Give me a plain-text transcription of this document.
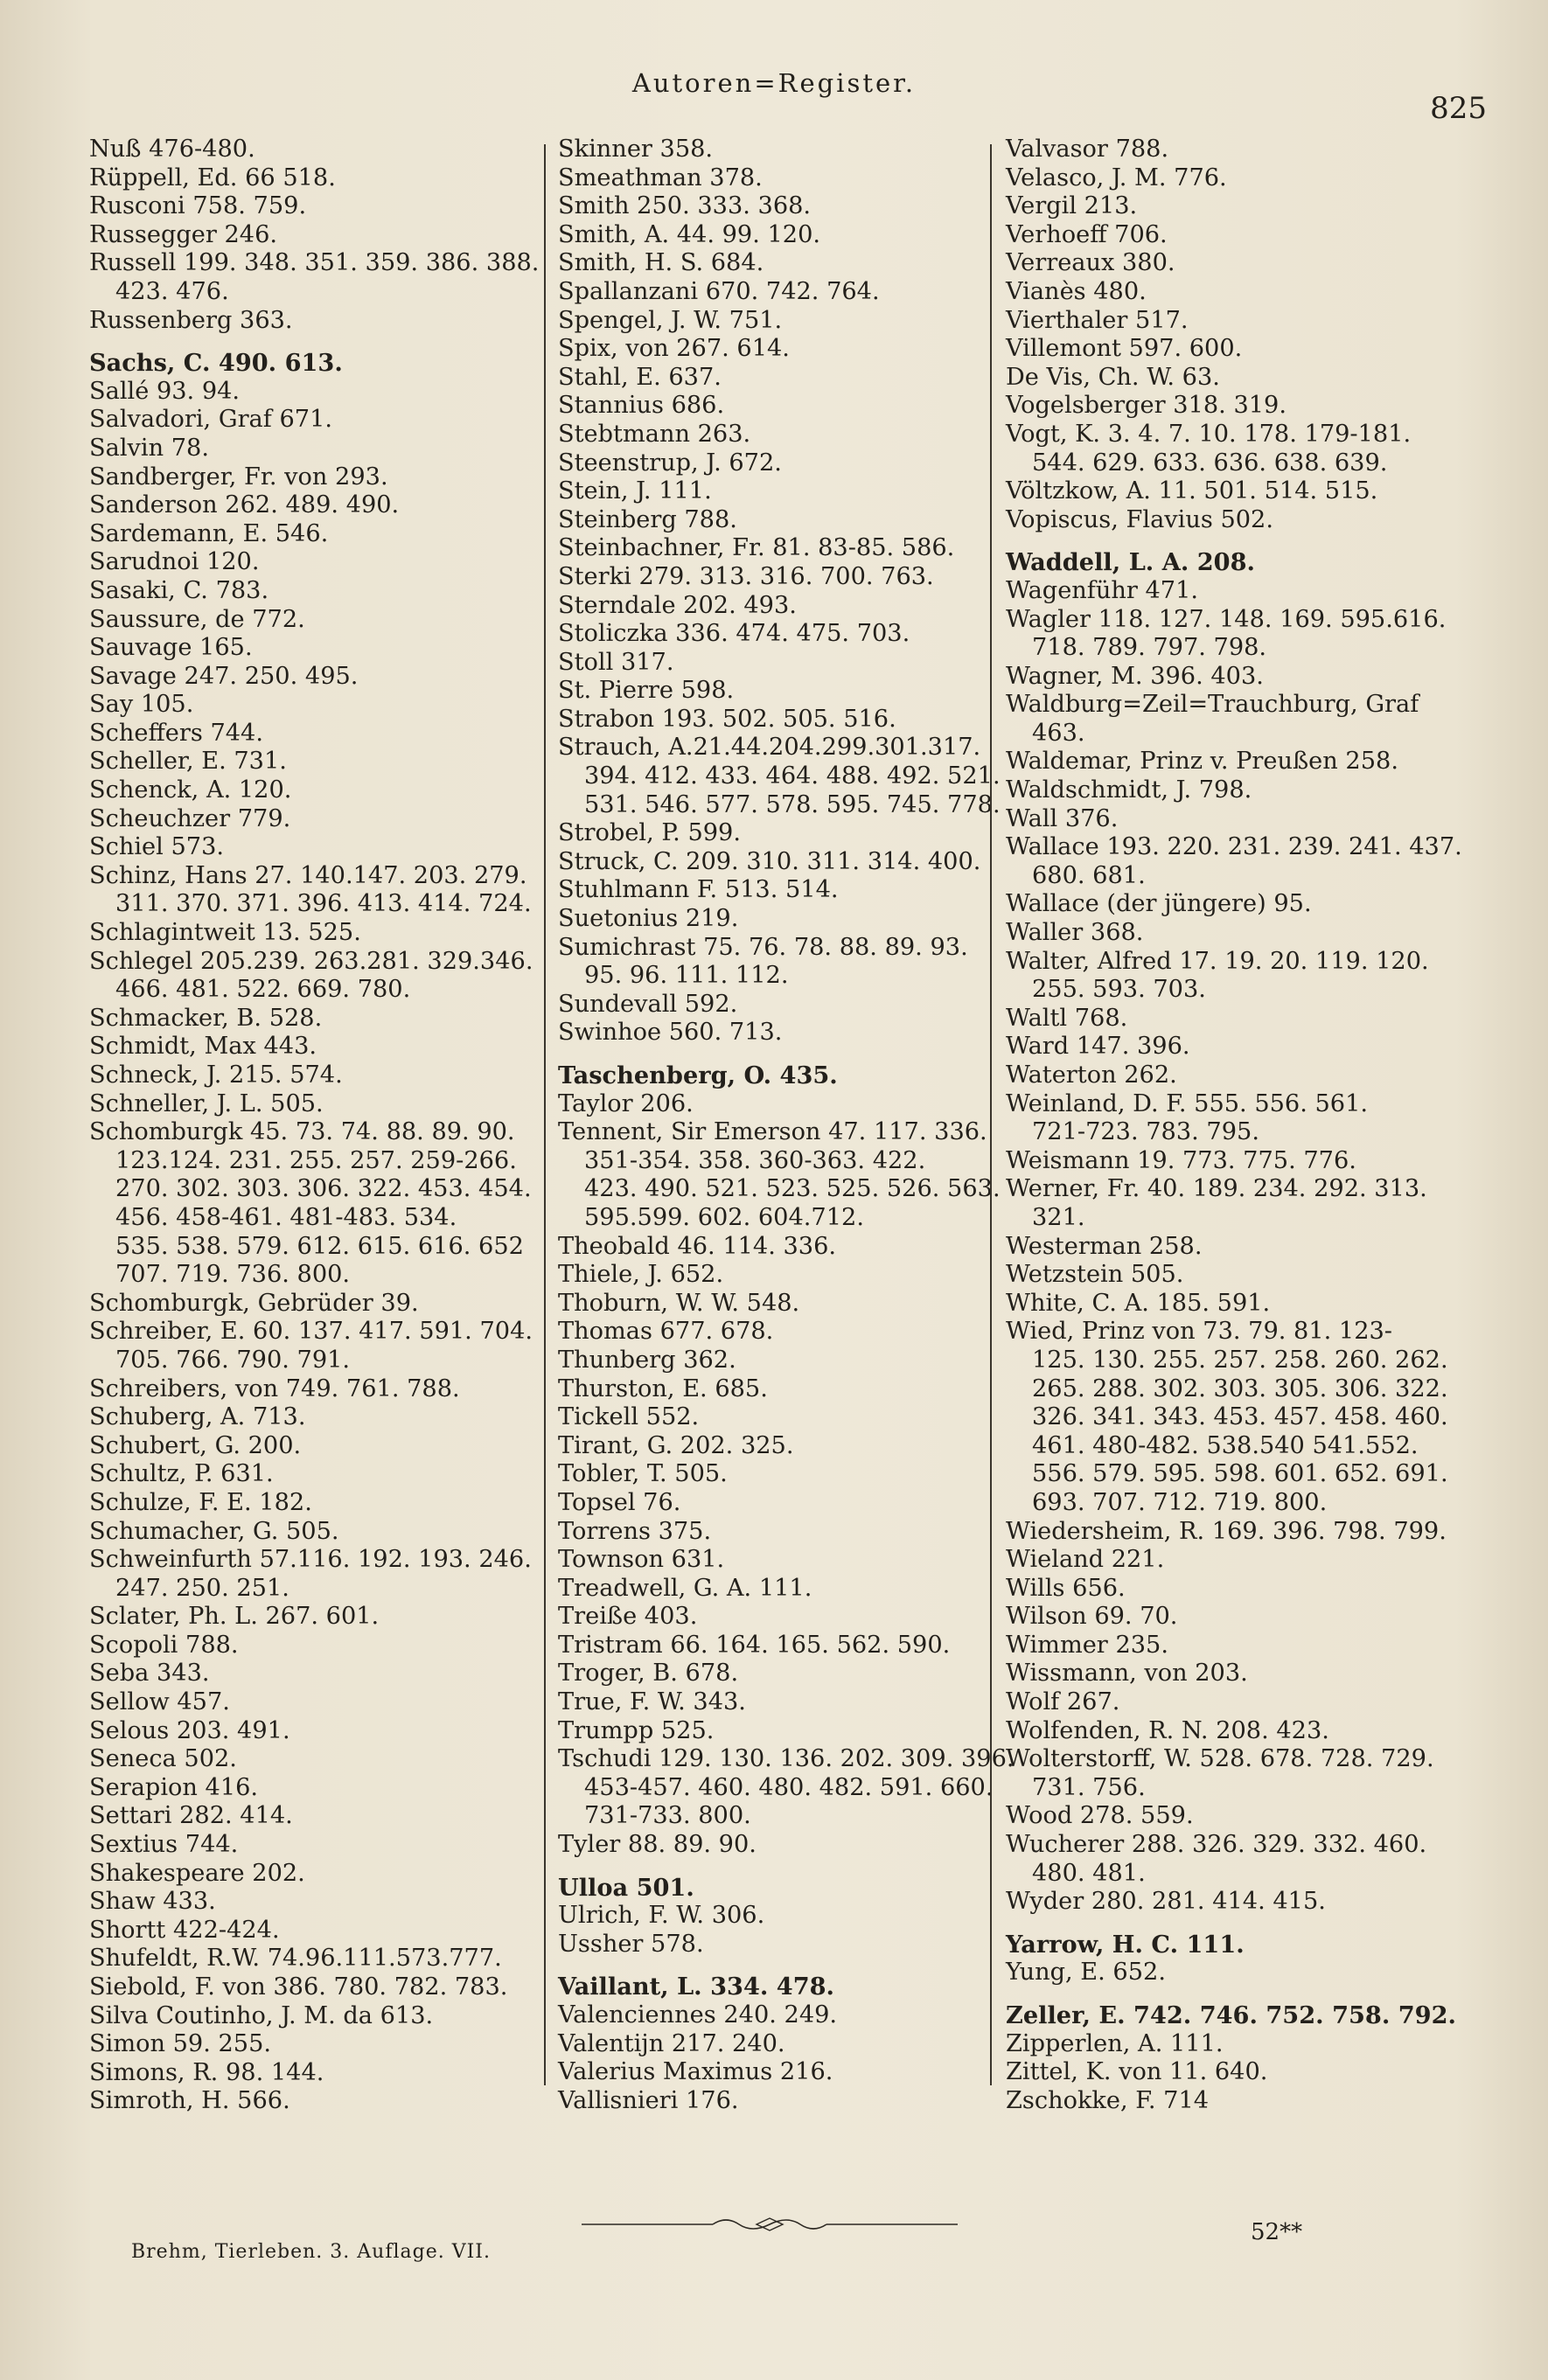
Autoren=Register.
825
Nuß 476-480.
Rüppell, Ed. 66 518.
Rusconi 758. 759.
Russegger 246.
Russell 199. 348. 351. 359. 386. 388.
423. 476.
Russenberg 363.
Sachs, C. 490. 613.
Sallé 93. 94.
Salvadori, Graf 671.
Salvin 78.
Sandberger, Fr. von 293.
Sanderson 262. 489. 490.
Sardemann, E. 546.
Sarudnoi 120.
Sasaki, C. 783.
Saussure, de 772.
Sauvage 165.
Savage 247. 250. 495.
Say 105.
Scheffers 744.
Scheller, E. 731.
Schenck, A. 120.
Scheuchzer 779.
Schiel 573.
Schinz, Hans 27. 140.147. 203. 279.
311. 370. 371. 396. 413. 414. 724.
Schlagintweit 13. 525.
Schlegel 205.239. 263.281. 329.346.
466. 481. 522. 669. 780.
Schmacker, B. 528.
Schmidt, Max 443.
Schneck, J. 215. 574.
Schneller, J. L. 505.
Schomburgk 45. 73. 74. 88. 89. 90.
123.124. 231. 255. 257. 259-266.
270. 302. 303. 306. 322. 453. 454.
456. 458-461. 481-483. 534.
535. 538. 579. 612. 615. 616. 652
707. 719. 736. 800.
Schomburgk, Gebrüder 39.
Schreiber, E. 60. 137. 417. 591. 704.
705. 766. 790. 791.
Schreibers, von 749. 761. 788.
Schuberg, A. 713.
Schubert, G. 200.
Schultz, P. 631.
Schulze, F. E. 182.
Schumacher, G. 505.
Schweinfurth 57.116. 192. 193. 246.
247. 250. 251.
Sclater, Ph. L. 267. 601.
Scopoli 788.
Seba 343.
Sellow 457.
Selous 203. 491.
Seneca 502.
Serapion 416.
Settari 282. 414.
Sextius 744.
Shakespeare 202.
Shaw 433.
Shortt 422-424.
Shufeldt, R.W. 74.96.111.573.777.
Siebold, F. von 386. 780. 782. 783.
Silva Coutinho, J. M. da 613.
Simon 59. 255.
Simons, R. 98. 144.
Simroth, H. 566.
Skinner 358.
Smeathman 378.
Smith 250. 333. 368.
Smith, A. 44. 99. 120.
Smith, H. S. 684.
Spallanzani 670. 742. 764.
Spengel, J. W. 751.
Spix, von 267. 614.
Stahl, E. 637.
Stannius 686.
Stebtmann 263.
Steenstrup, J. 672.
Stein, J. 111.
Steinberg 788.
Steinbachner, Fr. 81. 83-85. 586.
Sterki 279. 313. 316. 700. 763.
Sterndale 202. 493.
Stoliczka 336. 474. 475. 703.
Stoll 317.
St. Pierre 598.
Strabon 193. 502. 505. 516.
Strauch, A.21.44.204.299.301.317.
394. 412. 433. 464. 488. 492. 521.
531. 546. 577. 578. 595. 745. 778.
Strobel, P. 599.
Struck, C. 209. 310. 311. 314. 400.
Stuhlmann F. 513. 514.
Suetonius 219.
Sumichrast 75. 76. 78. 88. 89. 93.
95. 96. 111. 112.
Sundevall 592.
Swinhoe 560. 713.
Taschenberg, O. 435.
Taylor 206.
Tennent, Sir Emerson 47. 117. 336.
351-354. 358. 360-363. 422.
423. 490. 521. 523. 525. 526. 563.
595.599. 602. 604.712.
Theobald 46. 114. 336.
Thiele, J. 652.
Thoburn, W. W. 548.
Thomas 677. 678.
Thunberg 362.
Thurston, E. 685.
Tickell 552.
Tirant, G. 202. 325.
Tobler, T. 505.
Topsel 76.
Torrens 375.
Townson 631.
Treadwell, G. A. 111.
Treiße 403.
Tristram 66. 164. 165. 562. 590.
Troger, B. 678.
True, F. W. 343.
Trumpp 525.
Tschudi 129. 130. 136. 202. 309. 396.
453-457. 460. 480. 482. 591. 660.
731-733. 800.
Tyler 88. 89. 90.
Ulloa 501.
Ulrich, F. W. 306.
Ussher 578.
Vaillant, L. 334. 478.
Valenciennes 240. 249.
Valentijn 217. 240.
Valerius Maximus 216.
Vallisnieri 176.
Valvasor 788.
Velasco, J. M. 776.
Vergil 213.
Verhoeff 706.
Verreaux 380.
Vianès 480.
Vierthaler 517.
Villemont 597. 600.
De Vis, Ch. W. 63.
Vogelsberger 318. 319.
Vogt, K. 3. 4. 7. 10. 178. 179-181.
544. 629. 633. 636. 638. 639.
Völtzkow, A. 11. 501. 514. 515.
Vopiscus, Flavius 502.
Waddell, L. A. 208.
Wagenführ 471.
Wagler 118. 127. 148. 169. 595.616.
718. 789. 797. 798.
Wagner, M. 396. 403.
Waldburg=Zeil=Trauchburg, Graf
463.
Waldemar, Prinz v. Preußen 258.
Waldschmidt, J. 798.
Wall 376.
Wallace 193. 220. 231. 239. 241. 437.
680. 681.
Wallace (der jüngere) 95.
Waller 368.
Walter, Alfred 17. 19. 20. 119. 120.
255. 593. 703.
Waltl 768.
Ward 147. 396.
Waterton 262.
Weinland, D. F. 555. 556. 561.
721-723. 783. 795.
Weismann 19. 773. 775. 776.
Werner, Fr. 40. 189. 234. 292. 313.
321.
Westerman 258.
Wetzstein 505.
White, C. A. 185. 591.
Wied, Prinz von 73. 79. 81. 123-
125. 130. 255. 257. 258. 260. 262.
265. 288. 302. 303. 305. 306. 322.
326. 341. 343. 453. 457. 458. 460.
461. 480-482. 538.540 541.552.
556. 579. 595. 598. 601. 652. 691.
693. 707. 712. 719. 800.
Wiedersheim, R. 169. 396. 798. 799.
Wieland 221.
Wills 656.
Wilson 69. 70.
Wimmer 235.
Wissmann, von 203.
Wolf 267.
Wolfenden, R. N. 208. 423.
Wolterstorff, W. 528. 678. 728. 729.
731. 756.
Wood 278. 559.
Wucherer 288. 326. 329. 332. 460.
480. 481.
Wyder 280. 281. 414. 415.
Yarrow, H. C. 111.
Yung, E. 652.
Zeller, E. 742. 746. 752. 758. 792.
Zipperlen, A. 111.
Zittel, K. von 11. 640.
Zschokke, F. 714
Brehm, Tierleben. 3. Auflage. VII.
52**
